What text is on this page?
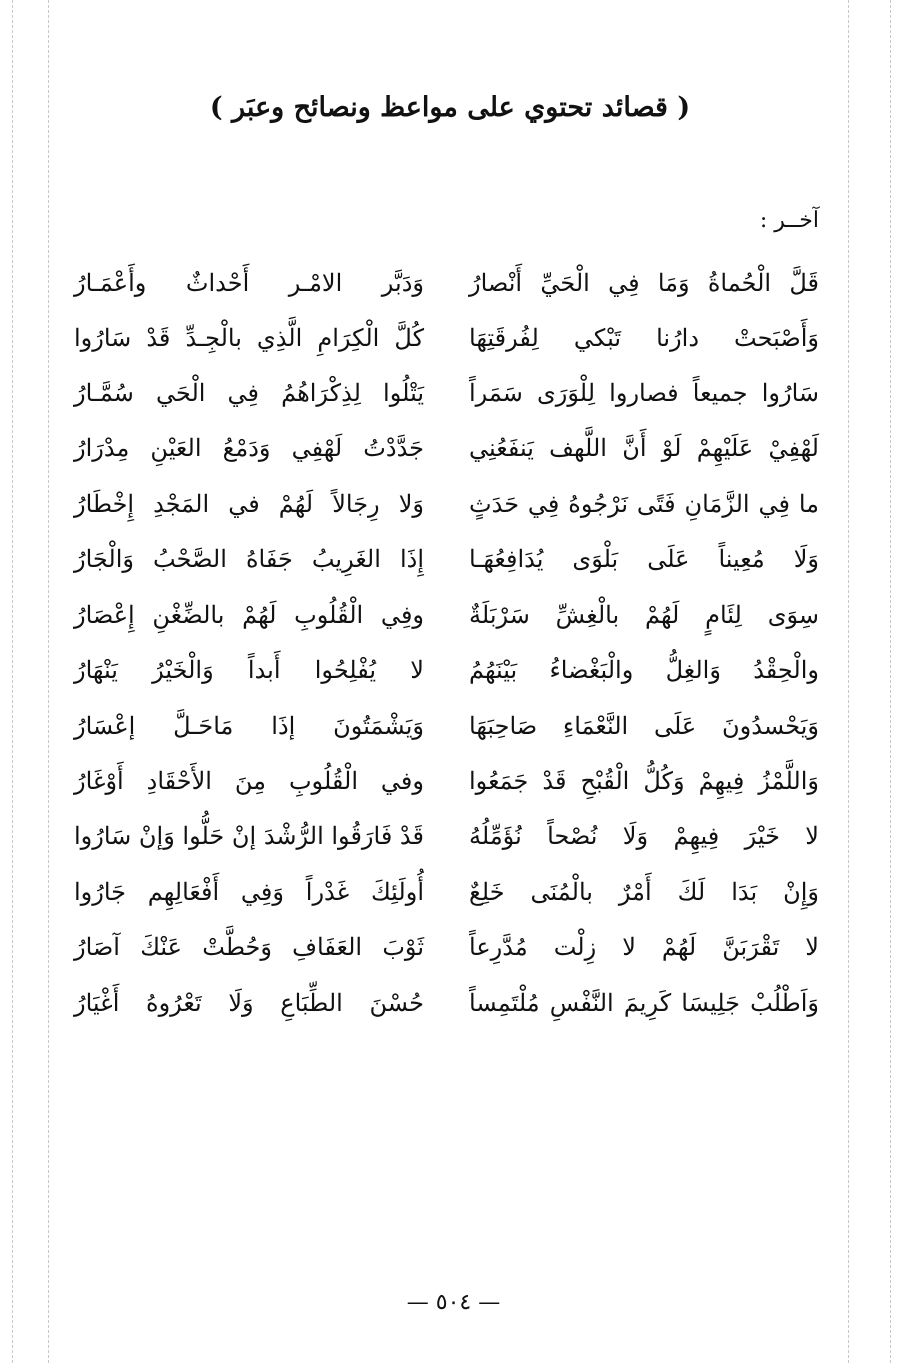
( قصائد تحتوي على مواعظ ونصائح وعبَر )
آخــر :
قَلَّ الْحُماةُ وَمَا فِي الْحَيِّ أَنْصارُ
وَدَبَّر الامْـر أَحْداثٌ وأَعْمَـارُ
وَأَصْبَحتْ دارُنا تَبْكي لِفُرقَتِهَا
كُلَّ الْكِرَامِ الَّذِي بالْجِـدِّ قَدْ سَارُوا
سَارُوا جميعاً فصاروا لِلْوَرَى سَمَراً
يَتْلُوا لِذِكْرَاهُمُ فِي الْحَي سُمَّـارُ
لَهْفِيْ عَلَيْهِمْ لَوْ أَنَّ اللَّهف يَنفَعُنِي
جَدَّدْتُ لَهْفِي وَدَمْعُ العَيْنِ مِدْرَارُ
ما فِي الزَّمَانِ فَتًى نَرْجُوهُ فِي حَدَثٍ
وَلا رِجَالاً لَهُمْ في المَجْدِ إِخْطَارُ
وَلَا مُعِيناً عَلَى بَلْوَى يُدَافِعُهَـا
إِذَا الغَرِيبُ جَفَاهُ الصَّحْبُ وَالْجَارُ
سِوَى لِئَامٍ لَهُمْ بالْغِشِّ سَرْبَلَةٌ
وفِي الْقُلُوبِ لَهُمْ بالضِّغْنِ إِعْصَارُ
والْحِقْدُ وَالغِلُّ والْبَغْضاءُ بَيْنَهُمُ
لا يُفْلِحُوا أَبداً وَالْخَيْرُ يَنْهَارُ
وَيَحْسدُونَ عَلَى النَّعْمَاءِ صَاحِبَهَا
وَيَشْمَتُونَ إذَا مَاحَـلَّ إعْسَارُ
وَاللَّمْزُ فِيهِمْ وَكُلُّ الْقُبْحِ قَدْ جَمَعُوا
وفي الْقُلُوبِ مِنَ الأَحْقَادِ أَوْغَارُ
لا خَيْرَ فِيهِمْ وَلَا نُصْحاً نُؤَمِّلُهُ
قَدْ فَارَقُوا الرُّشْدَ إنْ حَلُّوا وَإنْ سَارُوا
وَإِنْ بَدَا لَكَ أَمْرٌ بالْمُنَى خَلِعٌ
أُولَئِكَ غَدْراً وَفِي أَفْعَالِهِم جَارُوا
لا تَقْرَبَنَّ لَهُمْ لا زِلْت مُدَّرِعاً
ثَوْبَ العَفَافِ وَحُطَّتْ عَنْكَ آصَارُ
وَاَطْلُبْ جَلِيسَا كَرِيمَ النَّفْسِ مُلْتَمِساً
حُسْنَ الطِّبَاعِ وَلَا تَعْرُوهُ أَغْيَارُ
— ٥٠٤ —
